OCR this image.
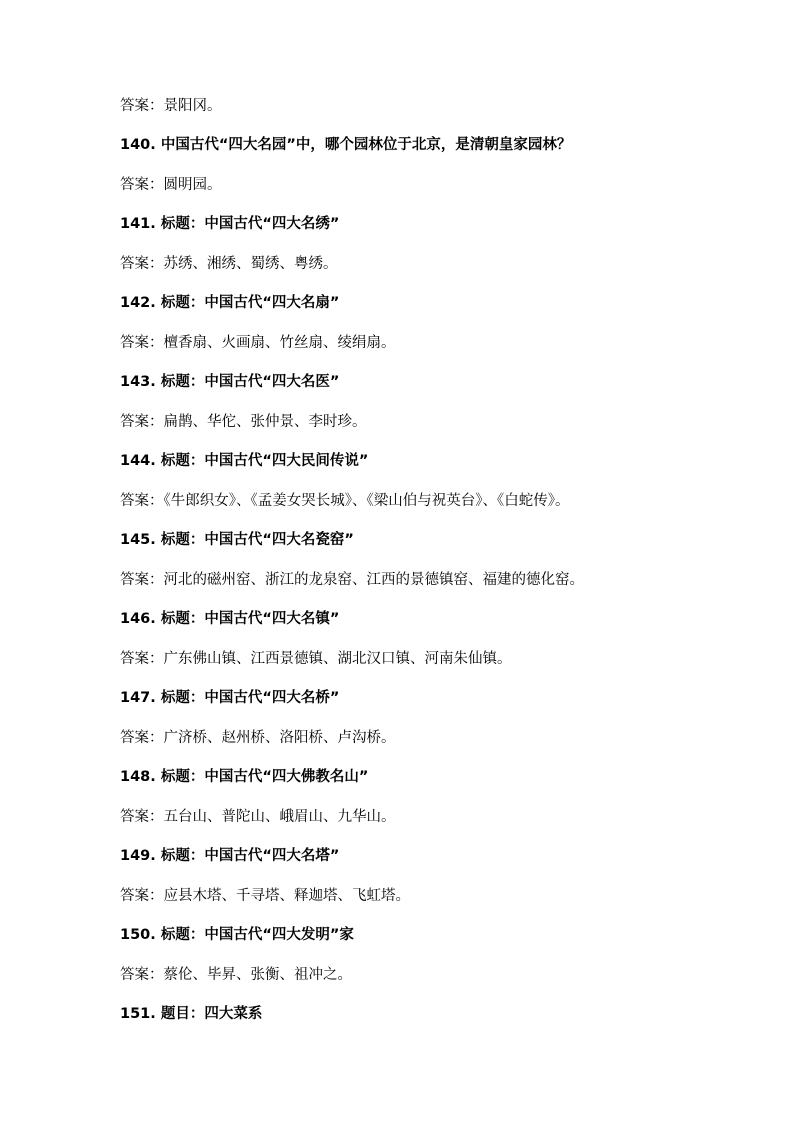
答案：景阳冈。
140. 中国古代“四大名园”中，哪个园林位于北京，是清朝皇家园林？
答案：圆明园。
141. 标题：中国古代“四大名绣”
答案：苏绣、湘绣、蜀绣、粤绣。
142. 标题：中国古代“四大名扇”
答案：檀香扇、火画扇、竹丝扇、绫绢扇。
143. 标题：中国古代“四大名医”
答案：扁鹊、华佗、张仲景、李时珍。
144. 标题：中国古代“四大民间传说”
答案：《牛郎织女》、《孟姜女哭长城》、《梁山伯与祝英台》、《白蛇传》。
145. 标题：中国古代“四大名瓷窑”
答案：河北的磁州窑、浙江的龙泉窑、江西的景德镇窑、福建的德化窑。
146. 标题：中国古代“四大名镇”
答案：广东佛山镇、江西景德镇、湖北汉口镇、河南朱仙镇。
147. 标题：中国古代“四大名桥”
答案：广济桥、赵州桥、洛阳桥、卢沟桥。
148. 标题：中国古代“四大佛教名山”
答案：五台山、普陀山、峨眉山、九华山。
149. 标题：中国古代“四大名塔”
答案：应县木塔、千寻塔、释迦塔、飞虹塔。
150. 标题：中国古代“四大发明”家
答案：蔡伦、毕昇、张衡、祖冲之。
151. 题目：四大菜系
